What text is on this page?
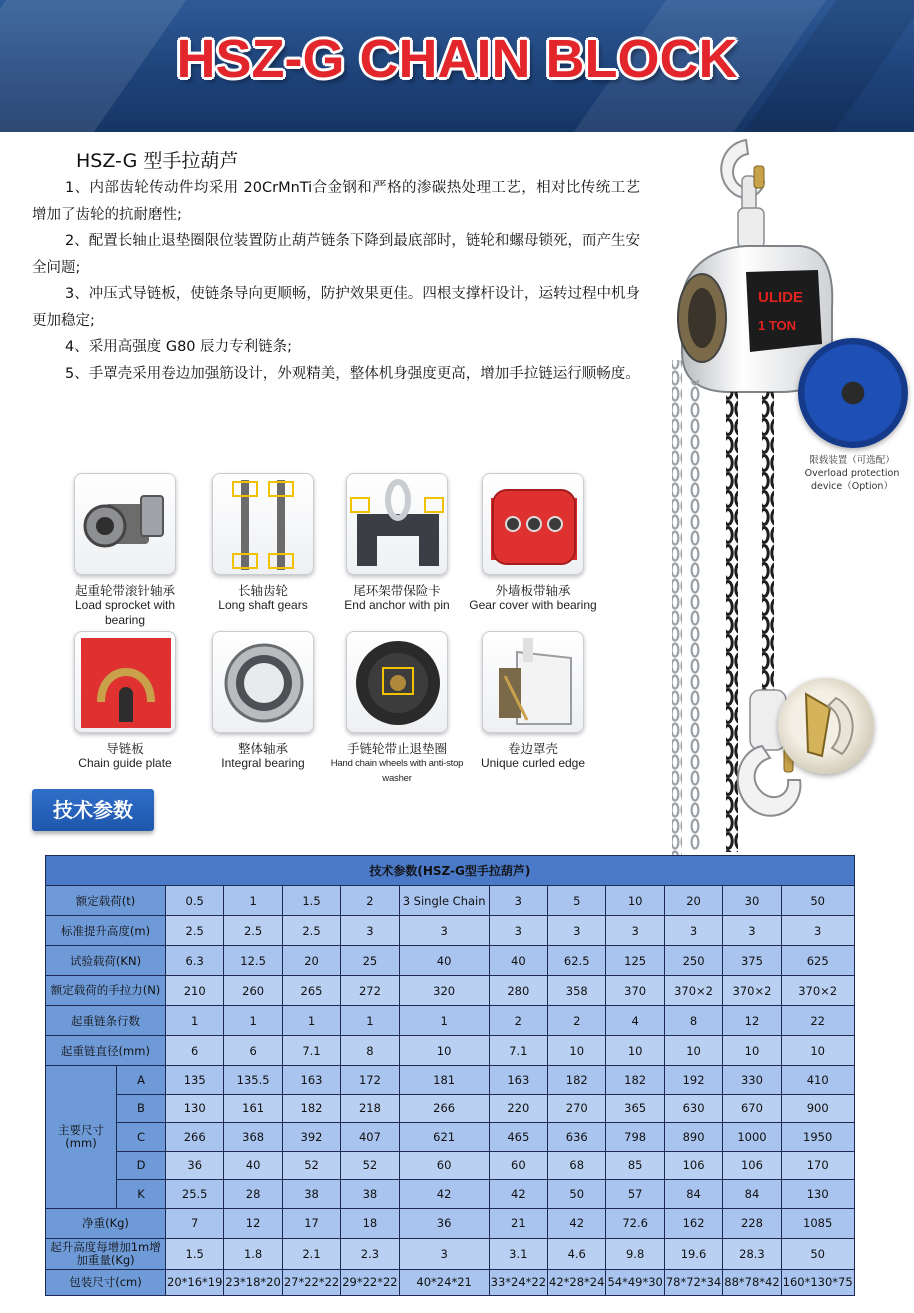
HSZ-G CHAIN BLOCK
HSZ-G 型手拉葫芦

1、内部齿轮传动件均采用 20CrMnTi合金钢和严格的渗碳热处理工艺，相对比传统工艺增加了齿轮的抗耐磨性;

2、配置长轴止退垫圈限位装置防止葫芦链条下降到最底部时，链轮和螺母锁死，而产生安全问题;

3、冲压式导链板，使链条导向更顺畅，防护效果更佳。四根支撑杆设计，运转过程中机身更加稳定;

4、采用高强度 G80 辰力专利链条;

5、手罩壳采用卷边加强筋设计，外观精美，整体机身强度更高，增加手拉链运行顺畅度。

ULIDE
1 TON
限载装置（可选配）
Overload protection
device（Option）
起重轮带滚针轴承
Load sprocket with bearing
长轴齿轮
Long shaft gears
尾环架带保险卡
End anchor with pin
外墙板带轴承
Gear cover with bearing
导链板
Chain guide plate
整体轴承
Integral bearing
手链轮带止退垫圈
Hand chain wheels with anti-stop washer
卷边罩壳
Unique curled edge
技术参数
技术参数(HSZ-G型手拉葫芦)												
额定载荷(t)		0.5	1	1.5	2	3 Single Chain	3	5	10	20	30	50
标准提升高度(m)		2.5	2.5	2.5	3	3	3	3	3	3	3	3
试验载荷(KN)		6.3	12.5	20	25	40	40	62.5	125	250	375	625
额定载荷的手拉力(N)		210	260	265	272	320	280	358	370	370×2	370×2	370×2
起重链条行数		1	1	1	1	1	2	2	4	8	12	22
起重链直径(mm)		6	6	7.1	8	10	7.1	10	10	10	10	10
主要尺寸(mm)	A	135	135.5	163	172	181	163	182	182	192	330	410
	B	130	161	182	218	266	220	270	365	630	670	900
	C	266	368	392	407	621	465	636	798	890	1000	1950
	D	36	40	52	52	60	60	68	85	106	106	170
	K	25.5	28	38	38	42	42	50	57	84	84	130
净重(Kg)		7	12	17	18	36	21	42	72.6	162	228	1085
起升高度每增加1m增加重量(Kg)		1.5	1.8	2.1	2.3	3	3.1	4.6	9.8	19.6	28.3	50
包装尺寸(cm)		20*16*19	23*18*20	27*22*22	29*22*22	40*24*21	33*24*22	42*28*24	54*49*30	78*72*34	88*78*42	160*130*75
